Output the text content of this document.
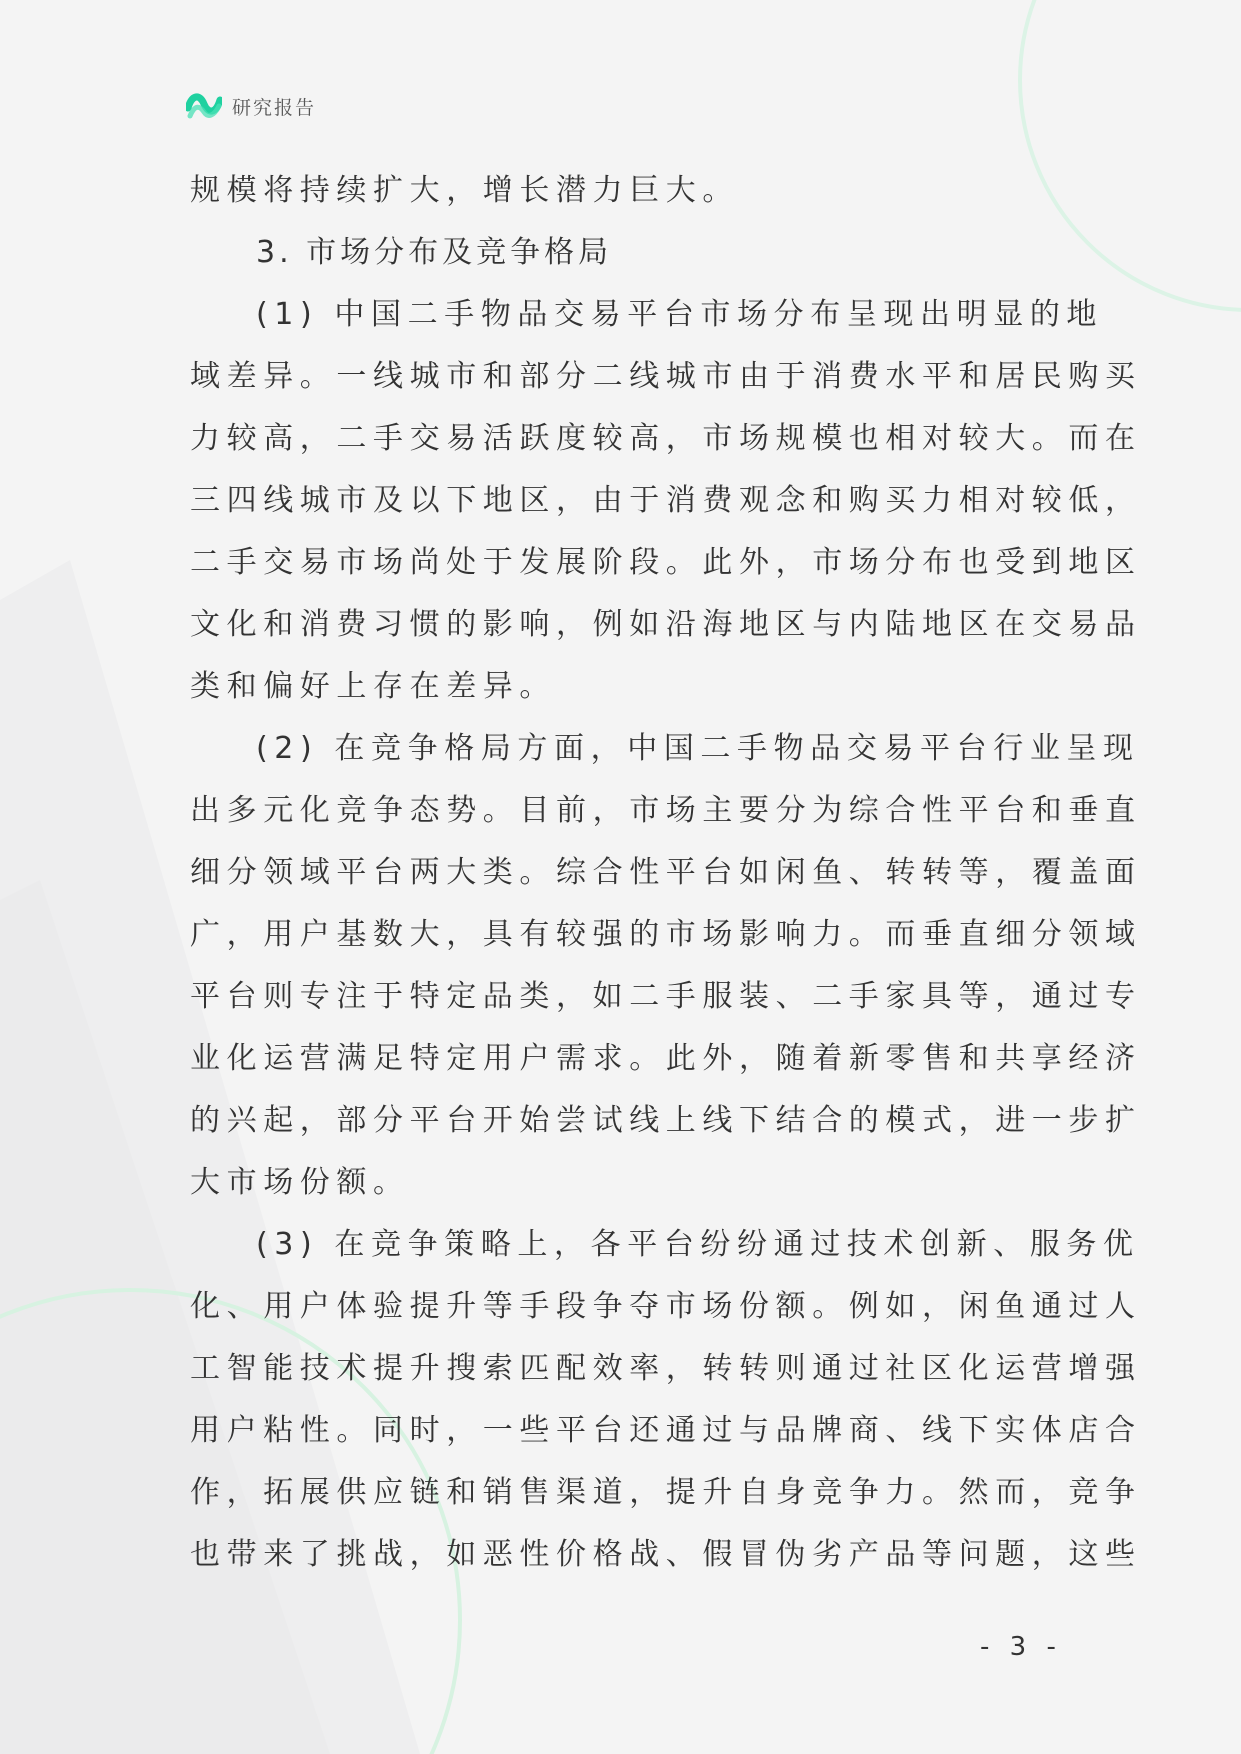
研究报告
规模将持续扩大，增长潜力巨大。
3. 市场分布及竞争格局
(1) 中国二手物品交易平台市场分布呈现出明显的地
域差异。一线城市和部分二线城市由于消费水平和居民购买
力较高，二手交易活跃度较高，市场规模也相对较大。而在
三四线城市及以下地区，由于消费观念和购买力相对较低，
二手交易市场尚处于发展阶段。此外，市场分布也受到地区
文化和消费习惯的影响，例如沿海地区与内陆地区在交易品
类和偏好上存在差异。
(2) 在竞争格局方面，中国二手物品交易平台行业呈现
出多元化竞争态势。目前，市场主要分为综合性平台和垂直
细分领域平台两大类。综合性平台如闲鱼、转转等，覆盖面
广，用户基数大，具有较强的市场影响力。而垂直细分领域
平台则专注于特定品类，如二手服装、二手家具等，通过专
业化运营满足特定用户需求。此外，随着新零售和共享经济
的兴起，部分平台开始尝试线上线下结合的模式，进一步扩
大市场份额。
(3) 在竞争策略上，各平台纷纷通过技术创新、服务优
化、用户体验提升等手段争夺市场份额。例如，闲鱼通过人
工智能技术提升搜索匹配效率，转转则通过社区化运营增强
用户粘性。同时，一些平台还通过与品牌商、线下实体店合
作，拓展供应链和销售渠道，提升自身竞争力。然而，竞争
也带来了挑战，如恶性价格战、假冒伪劣产品等问题，这些
- 3 -
